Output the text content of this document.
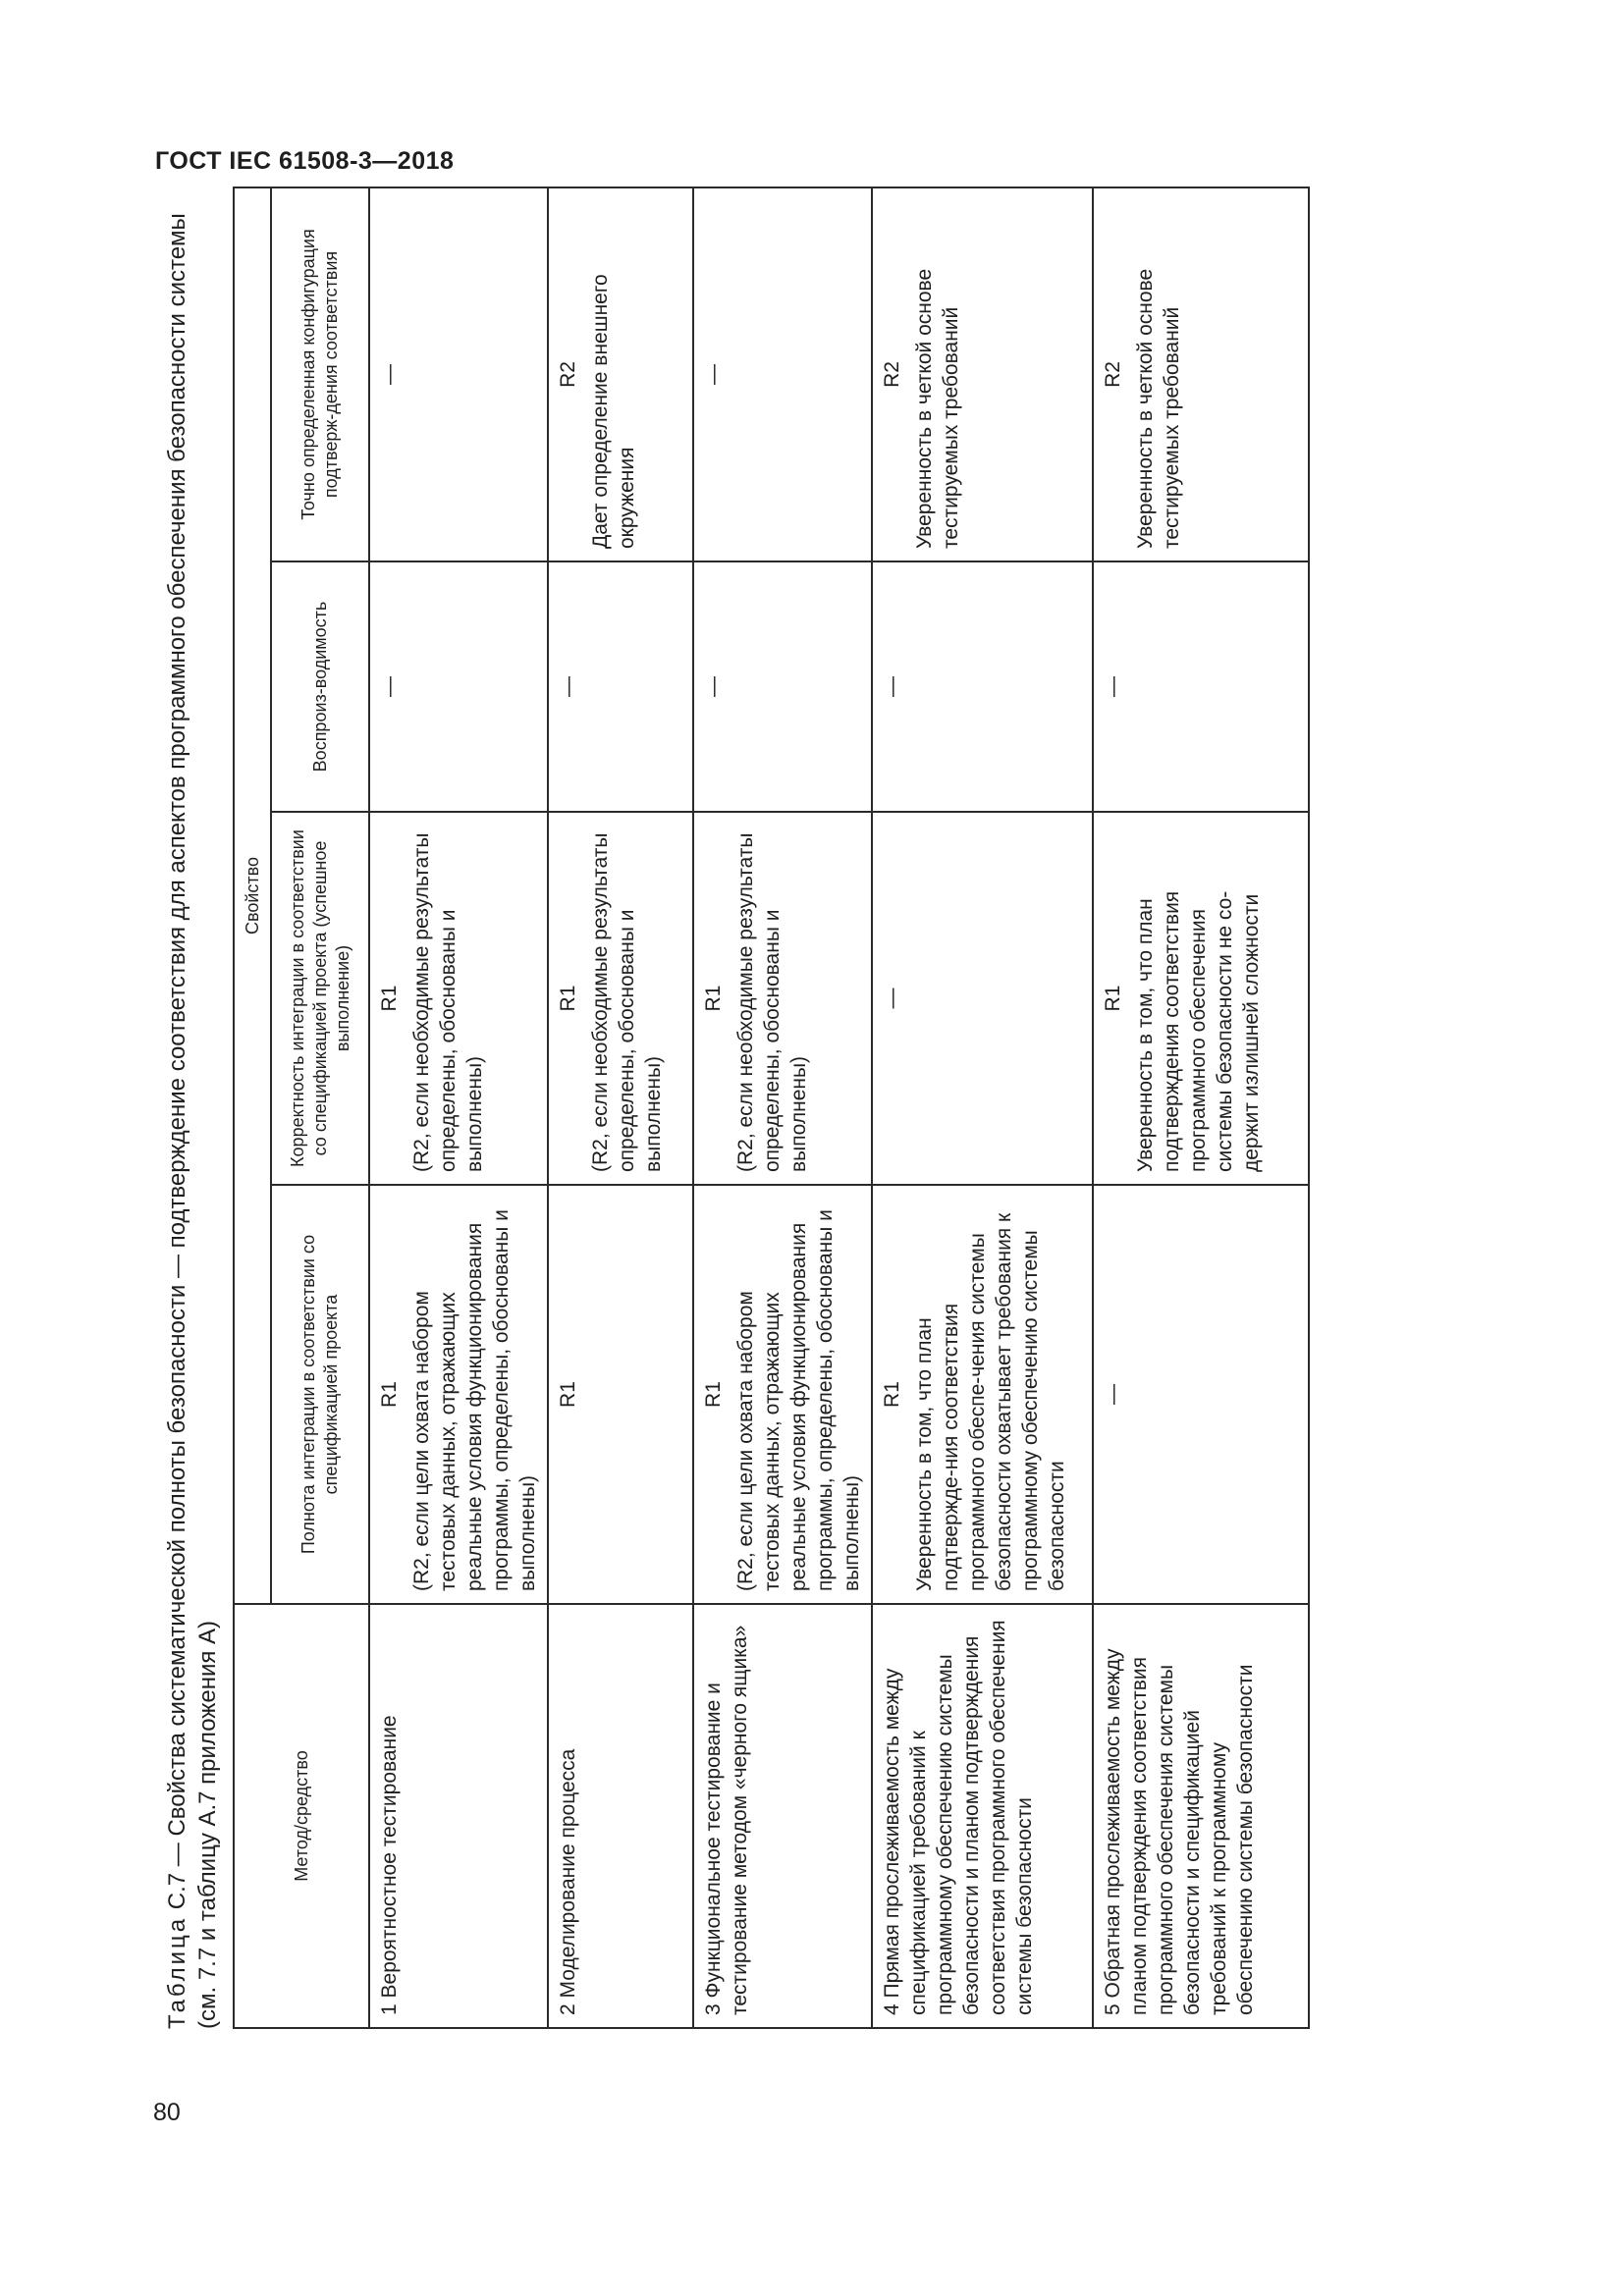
ГОСТ IEC 61508-3—2018
Таблица С.7 — Свойства систематической полноты безопасности — подтверждение соответствия для аспектов программного обеспечения безопасности системы (см. 7.7 и таблицу А.7 приложения А)	Метод/средство	Свойство			
	Полнота интеграции в соответствии со спецификацией проекта	Корректность интеграции в соответствии со спецификацией проекта (успешное выполнение)	Воспроиз-водимость	Точно определенная конфигурация подтверж-дения соответствия
1 Вероятностное тестирование	R1 (R2, если цели охвата набором тестовых данных, отражающих реальные условия функционирования программы, определены, обоснованы и выполнены)	R1 (R2, если необходимые результаты определены, обоснованы и выполнены)	—	—

2 Моделирование процесса	R1	R1 (R2, если необходимые результаты определены, обоснованы и выполнены)	—	R2 Дает определение внешнего окружения

3 Функциональное тестирование и тестирование методом «черного ящика»	R1 (R2, если цели охвата набором тестовых данных, отражающих реальные условия функционирования программы, определены, обоснованы и выполнены)	R1 (R2, если необходимые результаты определены, обоснованы и выполнены)	—	—

4 Прямая прослеживаемость между спецификацией требований к программному обеспечению системы безопасности и планом подтверждения соответствия программного обеспечения системы безопасности	R1 Уверенность в том, что план подтвержде-ния соответствия программного обеспе-чения системы безопасности охватывает требования к программному обеспечению системы безопасности	—	—	R2 Уверенность в четкой основе тестируемых требований

5 Обратная прослеживаемость между планом подтверждения соответствия программного обеспечения системы безопасности и спецификацией требований к программному обеспечению системы безопасности	—	R1 Уверенность в том, что план подтверждения соответствия программного обеспечения системы безопасности не со-держит излишней сложности	—	R2 Уверенность в четкой основе тестируемых требований
80
